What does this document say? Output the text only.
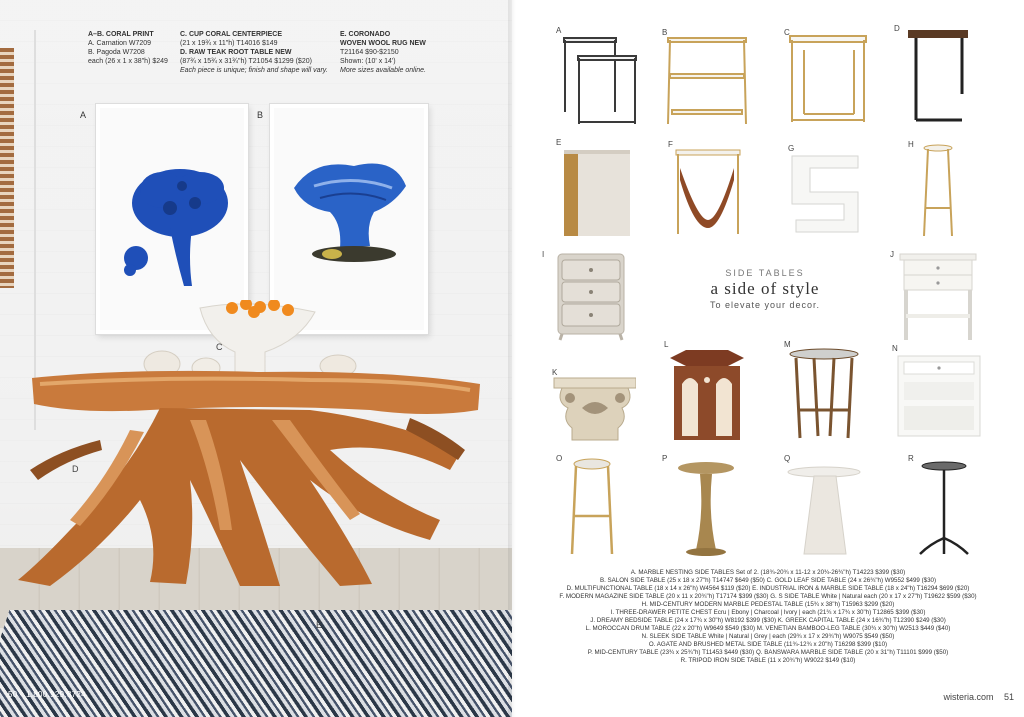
A–B. CORAL PRINT
A. Carnation W7209
B. Pagoda W7208
each (26 x 1 x 38"h) $249
C. CUP CORAL CENTERPIECE
(21 x 19¾ x 11"h) T14016 $149
D. RAW TEAK ROOT TABLE NEW
(87¾ x 15¾ x 31¾"h) T21054 $1299 ($20)
Each piece is unique; finish and shape will vary.
E. CORONADO
WOVEN WOOL RUG NEW
T21164 $90-$2150
Shown: (10' x 14')
More sizes available online.
A	B
C
D
E
50 1.800.929.8724
A	B	C	D
E	F	G	H
I
SIDE TABLES
a side of style
To elevate your decor.
J
K
L	M	N
O	P	Q	R
A. MARBLE NESTING SIDE TABLES Set of 2. (18¾-20¾ x 11-12 x 20¾-26¾"h) T14223 $399 ($30)
B. SALON SIDE TABLE (25 x 18 x 27"h) T14747 $649 ($50) C. GOLD LEAF SIDE TABLE (24 x 26¾"h) W9552 $499 ($30)
D. MULTIFUNCTIONAL TABLE (18 x 14 x 26"h) W4564 $119 ($20) E. INDUSTRIAL IRON & MARBLE SIDE TABLE (18 x 24"h) T16294 $699 ($20)
F. MODERN MAGAZINE SIDE TABLE (20 x 11 x 20¾"h) T17174 $399 ($30) G. S SIDE TABLE White | Natural each (20 x 17 x 27"h) T19622 $599 ($30)
H. MID-CENTURY MODERN MARBLE PEDESTAL TABLE (15¾ x 38"h) T15963 $299 ($20)
I. THREE-DRAWER PETITE CHEST Ecru | Ebony | Charcoal | Ivory | each (21¾ x 17¾ x 30"h) T12865 $399 ($30)
J. DREAMY BEDSIDE TABLE (24 x 17¾ x 30"h) W8192 $399 ($30) K. GREEK CAPITAL TABLE (24 x 16¾"h) T12390 $249 ($30)
L. MOROCCAN DRUM TABLE (22 x 20"h) W9649 $549 ($30) M. VENETIAN BAMBOO-LEG TABLE (30¾ x 30"h) W2513 $449 ($40)
N. SLEEK SIDE TABLE White | Natural | Grey | each (29¾ x 17 x 29¾"h) W9075 $549 ($50)
O. AGATE AND BRUSHED METAL SIDE TABLE (11¾-12¾ x 20"h) T16298 $399 ($10)
P. MID-CENTURY TABLE (23¾ x 25¾"h) T11453 $449 ($30) Q. BANSWARA MARBLE SIDE TABLE (20 x 31"h) T11101 $999 ($50)
R. TRIPOD IRON SIDE TABLE (11 x 20¾"h) W9022 $149 ($10)
wisteria.com 51
